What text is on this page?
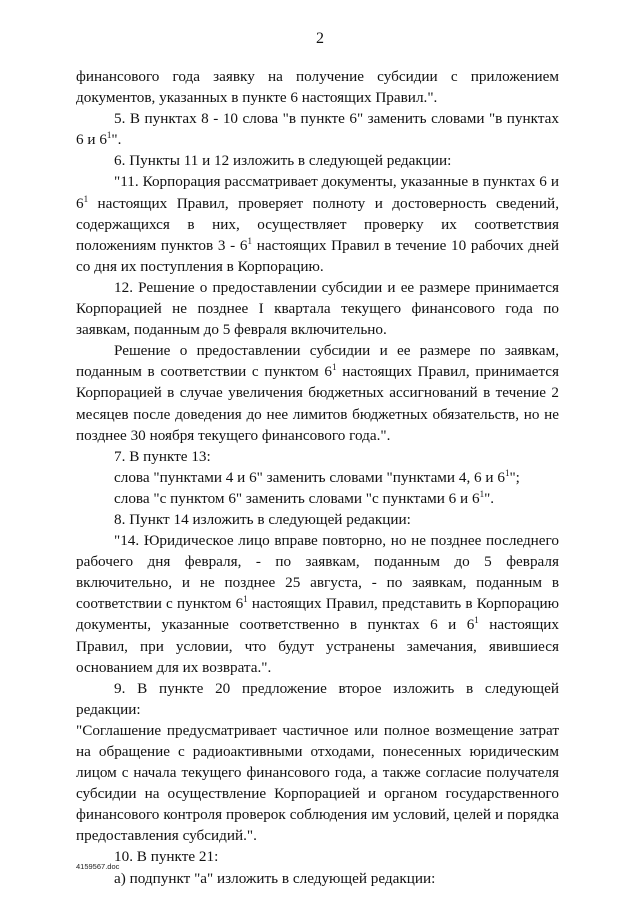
2

финансового года заявку на получение субсидии с приложением документов, указанных в пункте 6 настоящих Правил.".

5. В пунктах 8 - 10 слова "в пункте 6" заменить словами "в пунктах 6 и $6^1$".

6. Пункты 11 и 12 изложить в следующей редакции:

"11. Корпорация рассматривает документы, указанные в пунктах 6 и $6^1$ настоящих Правил, проверяет полноту и достоверность сведений, содержащихся в них, осуществляет проверку их соответствия положениям пунктов $3 - 6^1$ настоящих Правил в течение 10 рабочих дней со дня их поступления в Корпорацию.

12. Решение о предоставлении субсидии и ее размере принимается Корпорацией не позднее I квартала текущего финансового года по заявкам, поданным до 5 февраля включительно.

Решение о предоставлении субсидии и ее размере по заявкам, поданным в соответствии с пунктом $6^1$ настоящих Правил, принимается Корпорацией в случае увеличения бюджетных ассигнований в течение 2 месяцев после доведения до нее лимитов бюджетных обязательств, но не позднее 30 ноября текущего финансового года.".

7. В пункте 13:

слова "пунктами 4 и 6" заменить словами "пунктами 4, 6 и $6^1$";

слова "с пунктом 6" заменить словами "с пунктами 6 и $6^1$".

8. Пункт 14 изложить в следующей редакции:

"14. Юридическое лицо вправе повторно, но не позднее последнего рабочего дня февраля, - по заявкам, поданным до 5 февраля включительно, и не позднее 25 августа, - по заявкам, поданным в соответствии с пунктом $6^1$ настоящих Правил, представить в Корпорацию документы, указанные соответственно в пунктах 6 и $6^1$ настоящих Правил, при условии, что будут устранены замечания, явившиеся основанием для их возврата.".

9. В пункте 20 предложение второе изложить в следующей редакции:

"Соглашение предусматривает частичное или полное возмещение затрат на обращение с радиоактивными отходами, понесенных юридическим лицом с начала текущего финансового года, а также согласие получателя субсидии на осуществление Корпорацией и органом государственного финансового контроля проверок соблюдения им условий, целей и порядка предоставления субсидий.".

10. В пункте 21:

а) подпункт "а" изложить в следующей редакции:

4159567.doc
